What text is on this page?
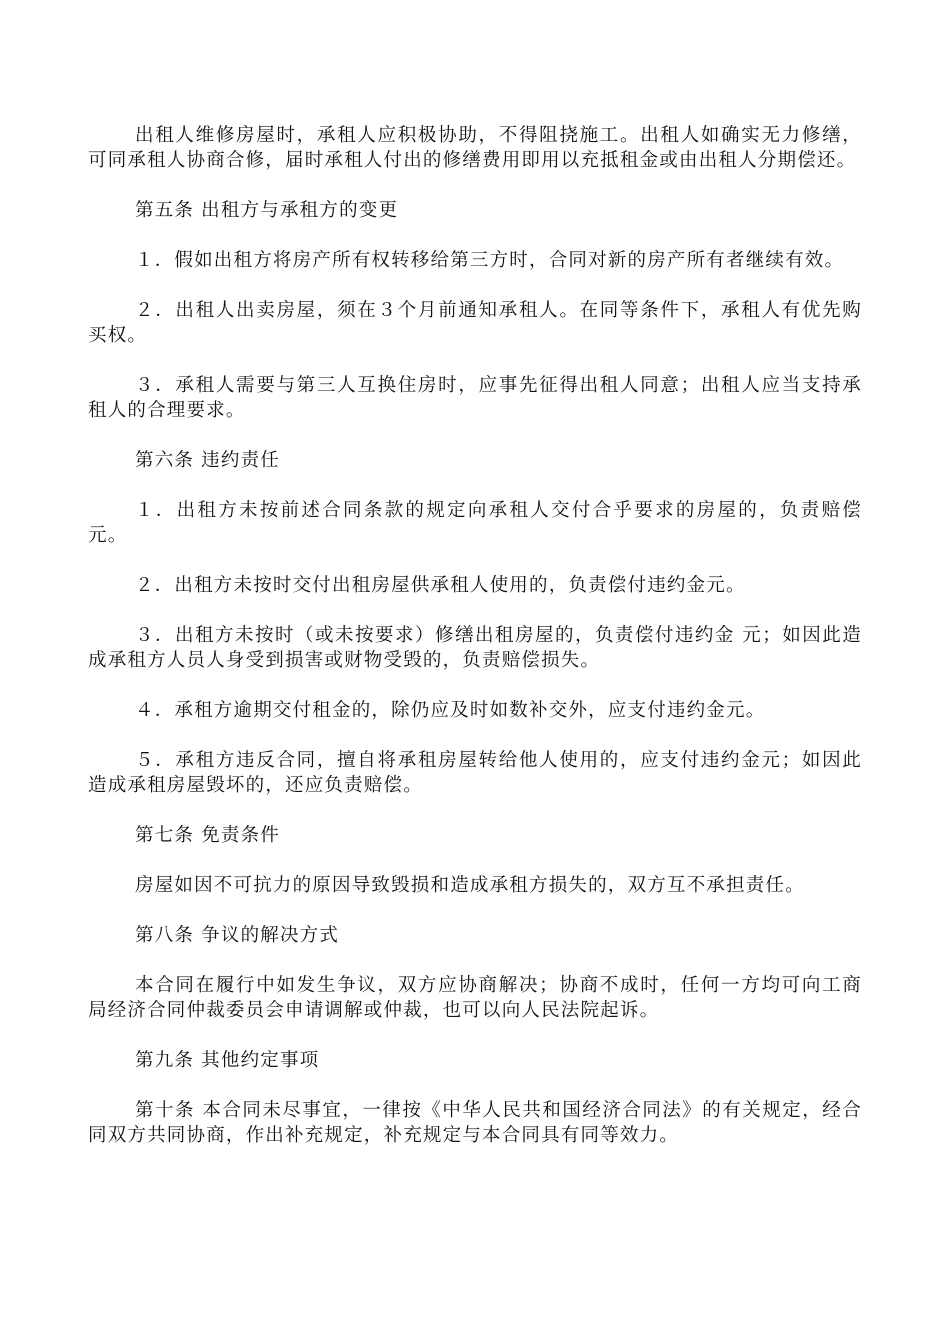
出租人维修房屋时，承租人应积极协助，不得阻挠施工。出租人如确实无力修缮，可同承租人协商合修，届时承租人付出的修缮费用即用以充抵租金或由出租人分期偿还。

第五条 出租方与承租方的变更

１．假如出租方将房产所有权转移给第三方时，合同对新的房产所有者继续有效。

２．出租人出卖房屋，须在３个月前通知承租人。在同等条件下，承租人有优先购买权。

３．承租人需要与第三人互换住房时，应事先征得出租人同意；出租人应当支持承租人的合理要求。

第六条 违约责任

１．出租方未按前述合同条款的规定向承租人交付合乎要求的房屋的，负责赔偿元。

２．出租方未按时交付出租房屋供承租人使用的，负责偿付违约金元。

３．出租方未按时（或未按要求）修缮出租房屋的，负责偿付违约金 元；如因此造成承租方人员人身受到损害或财物受毁的，负责赔偿损失。

４．承租方逾期交付租金的，除仍应及时如数补交外，应支付违约金元。

５．承租方违反合同，擅自将承租房屋转给他人使用的，应支付违约金元；如因此造成承租房屋毁坏的，还应负责赔偿。

第七条 免责条件

房屋如因不可抗力的原因导致毁损和造成承租方损失的，双方互不承担责任。

第八条 争议的解决方式

本合同在履行中如发生争议，双方应协商解决；协商不成时，任何一方均可向工商局经济合同仲裁委员会申请调解或仲裁，也可以向人民法院起诉。

第九条 其他约定事项

第十条 本合同未尽事宜，一律按《中华人民共和国经济合同法》的有关规定，经合同双方共同协商，作出补充规定，补充规定与本合同具有同等效力。
